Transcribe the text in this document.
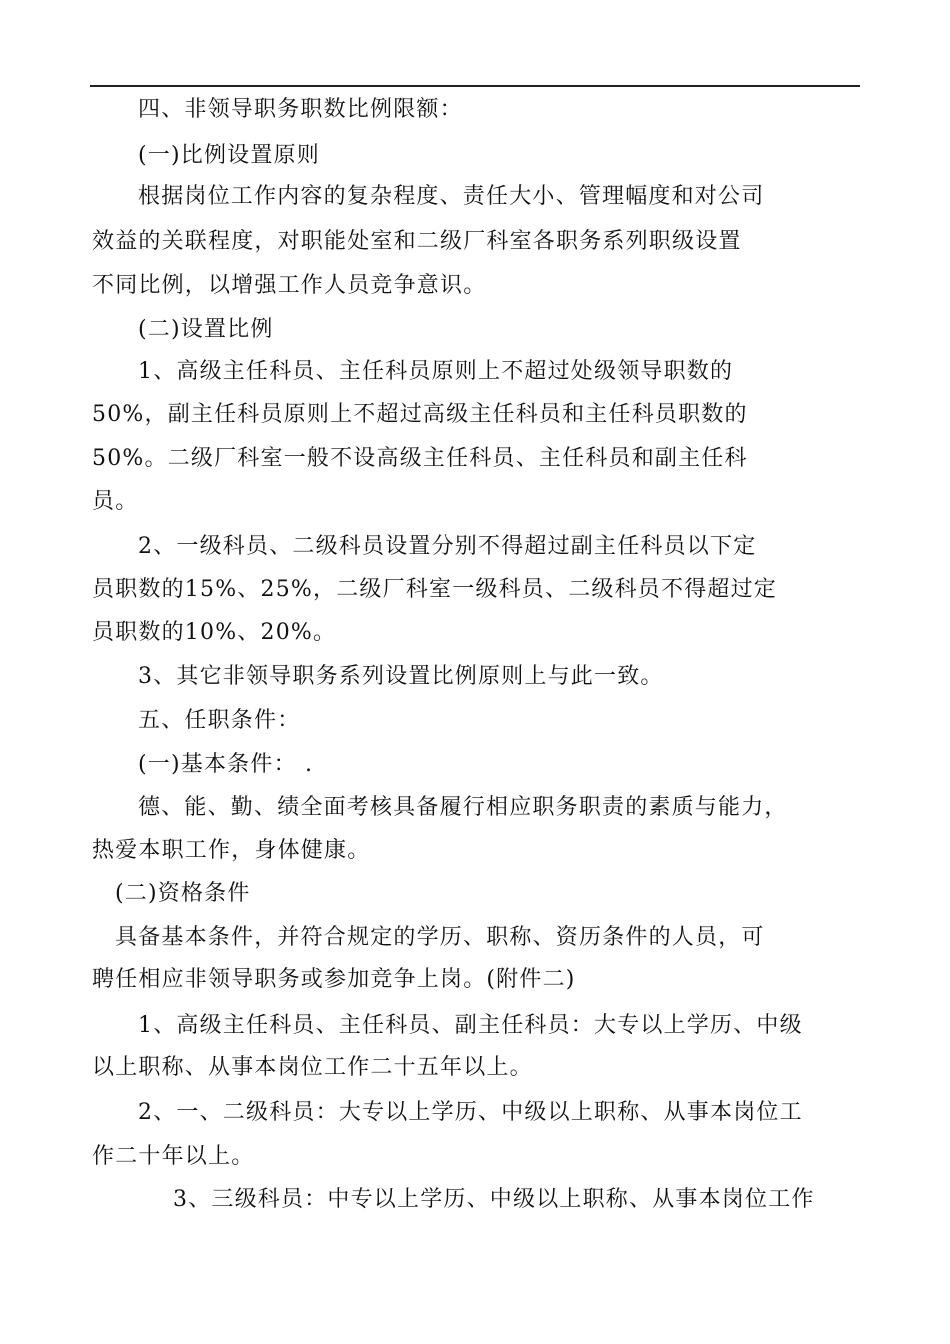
四、非领导职务职数比例限额：
(一)比例设置原则
根据岗位工作内容的复杂程度、责任大小、管理幅度和对公司
效益的关联程度，对职能处室和二级厂科室各职务系列职级设置
不同比例，以增强工作人员竞争意识。
(二)设置比例
1、高级主任科员、主任科员原则上不超过处级领导职数的
50%，副主任科员原则上不超过高级主任科员和主任科员职数的
50%。二级厂科室一般不设高级主任科员、主任科员和副主任科
员。
2、一级科员、二级科员设置分别不得超过副主任科员以下定
员职数的15%、25%，二级厂科室一级科员、二级科员不得超过定
员职数的10%、20%。
3、其它非领导职务系列设置比例原则上与此一致。
五、任职条件：
(一)基本条件： .
德、能、勤、绩全面考核具备履行相应职务职责的素质与能力，
热爱本职工作，身体健康。
(二)资格条件
具备基本条件，并符合规定的学历、职称、资历条件的人员，可
聘任相应非领导职务或参加竞争上岗。(附件二)
1、高级主任科员、主任科员、副主任科员：大专以上学历、中级
以上职称、从事本岗位工作二十五年以上。
2、一、二级科员：大专以上学历、中级以上职称、从事本岗位工
作二十年以上。
3、三级科员：中专以上学历、中级以上职称、从事本岗位工作
